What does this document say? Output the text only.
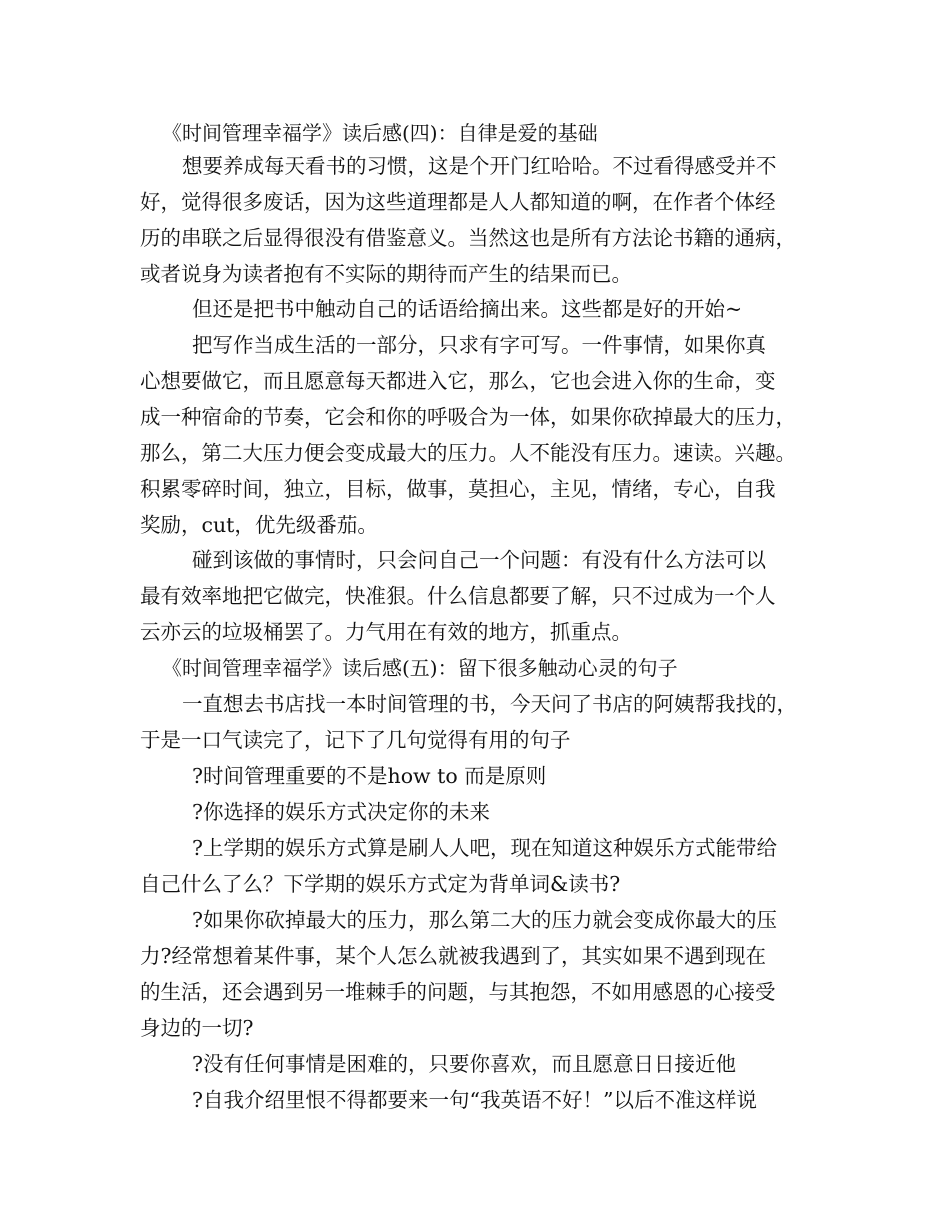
《时间管理幸福学》读后感(四)：自律是爱的基础
想要养成每天看书的习惯，这是个开门红哈哈。不过看得感受并不
好，觉得很多废话，因为这些道理都是人人都知道的啊，在作者个体经
历的串联之后显得很没有借鉴意义。当然这也是所有方法论书籍的通病，
或者说身为读者抱有不实际的期待而产生的结果而已。
但还是把书中触动自己的话语给摘出来。这些都是好的开始~
把写作当成生活的一部分，只求有字可写。一件事情，如果你真
心想要做它，而且愿意每天都进入它，那么，它也会进入你的生命，变
成一种宿命的节奏，它会和你的呼吸合为一体，如果你砍掉最大的压力，
那么，第二大压力便会变成最大的压力。人不能没有压力。速读。兴趣。
积累零碎时间，独立，目标，做事，莫担心，主见，情绪，专心，自我
奖励，cut，优先级番茄。
碰到该做的事情时，只会问自己一个问题：有没有什么方法可以
最有效率地把它做完，快准狠。什么信息都要了解，只不过成为一个人
云亦云的垃圾桶罢了。力气用在有效的地方，抓重点。
《时间管理幸福学》读后感(五)：留下很多触动心灵的句子
一直想去书店找一本时间管理的书，今天问了书店的阿姨帮我找的，
于是一口气读完了，记下了几句觉得有用的句子
?时间管理重要的不是how to 而是原则
?你选择的娱乐方式决定你的未来
?上学期的娱乐方式算是刷人人吧，现在知道这种娱乐方式能带给
自己什么了么？下学期的娱乐方式定为背单词&读书?
?如果你砍掉最大的压力，那么第二大的压力就会变成你最大的压
力?经常想着某件事，某个人怎么就被我遇到了，其实如果不遇到现在
的生活，还会遇到另一堆棘手的问题，与其抱怨，不如用感恩的心接受
身边的一切?
?没有任何事情是困难的，只要你喜欢，而且愿意日日接近他
?自我介绍里恨不得都要来一句“我英语不好！”以后不准这样说
